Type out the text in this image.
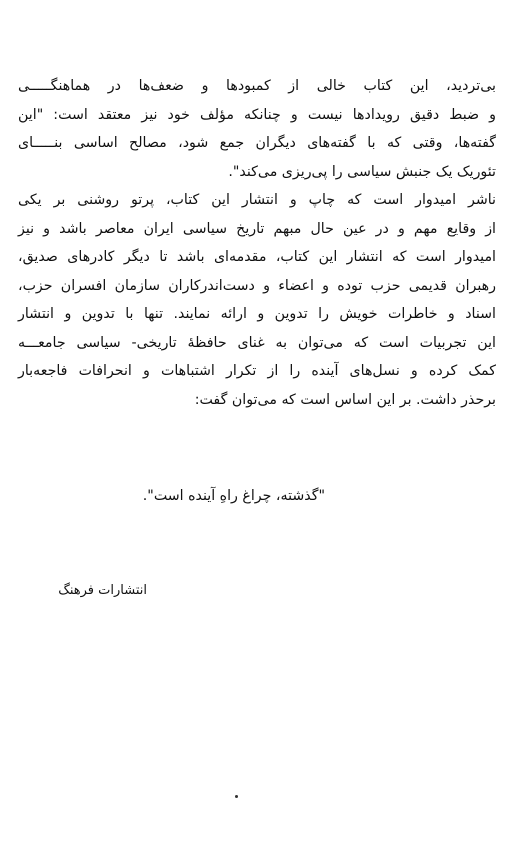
بی‌تردید، این کتاب خالی از کمبودها و ضعف‌ها در هماهنگـــــی
و ضبط دقیق رویدادها نیست و چنانکه مؤلف خود نیز معتقد است: "این
گفته‌ها، وقتی که با گفته‌های دیگران جمع شود، مصالح اساسی بنـــــای
تئوریک یک جنبش سیاسی را پی‌ریزی می‌کند".
ناشر امیدوار است که چاپ و انتشار این کتاب، پرتو روشنی بر یکی
از وقایع مهم و در عین حال مبهم تاریخ سیاسی ایران معاصر باشد و نیز
امیدوار است که انتشار این کتاب، مقدمه‌ای باشد تا دیگر کادرهای صدیق،
رهبران قدیمی حزب توده و اعضاء و دست‌اندرکاران سازمان افسران حزب،
اسناد و خاطرات خویش را تدوین و ارائه نمایند. تنها با تدوین و انتشار
این تجربیات است که می‌توان به غنای حافظهٔ تاریخی- سیاسی جامعـــه
کمک کرده و نسل‌های آینده را از تکرار اشتباهات و انحرافات فاجعه‌بار
برحذر داشت. بر این اساس است که می‌توان گفت:
"گذشته، چراغ راهِ آینده است".
انتشارات فرهنگ
